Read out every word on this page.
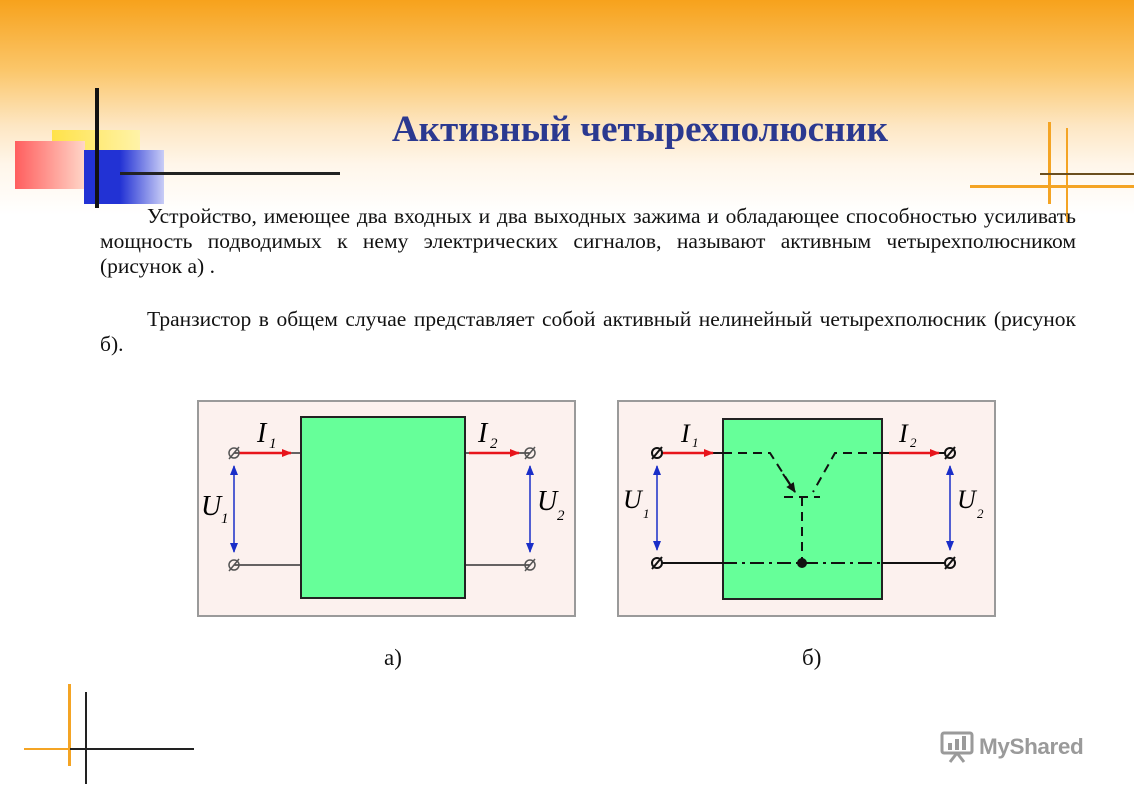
Активный четырехполюсник

Устройство, имеющее два входных и два выходных зажима и обладающее способностью усиливать мощность подводимых к нему электрических сигналов, называют активным четырехполюсником (рисунок а) .

Транзистор в общем случае представляет собой активный нелинейный четырехполюсник (рисунок б).

I 1	I 2
U 1
U 2
I 1	I 2
U 1	U 2
а)	б)
MyShared
